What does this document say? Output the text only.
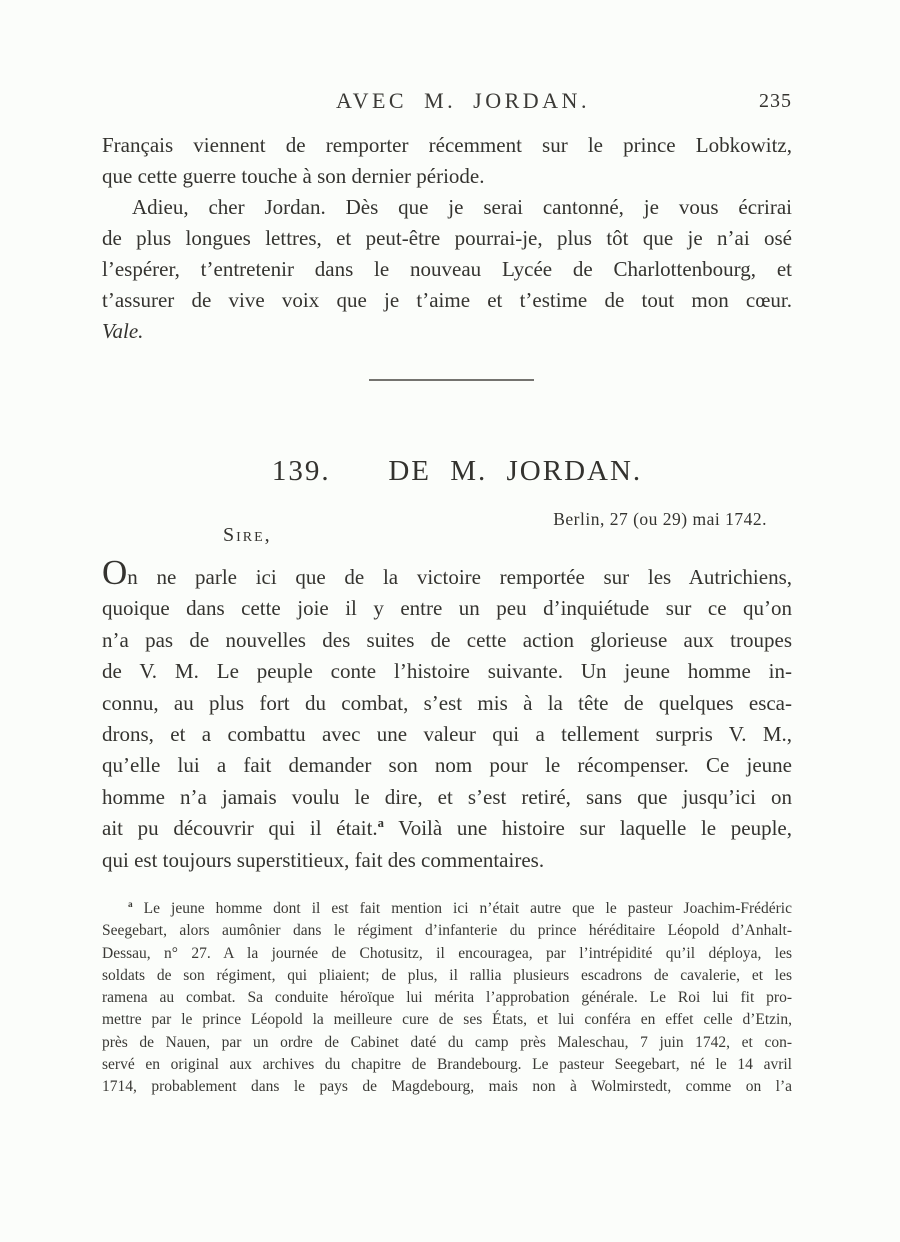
AVEC M. JORDAN.	235
Français viennent de remporter récemment sur le prince Lobkowitz,
que cette guerre touche à son dernier période.
Adieu, cher Jordan. Dès que je serai cantonné, je vous écrirai
de plus longues lettres, et peut-être pourrai-je, plus tôt que je n’ai osé
l’espérer, t’entretenir dans le nouveau Lycée de Charlottenbourg, et
t’assurer de vive voix que je t’aime et t’estime de tout mon cœur.
Vale.
139.   DE M. JORDAN.
Berlin, 27 (ou 29) mai 1742.
Sire,
On ne parle ici que de la victoire remportée sur les Autrichiens,
quoique dans cette joie il y entre un peu d’inquiétude sur ce qu’on
n’a pas de nouvelles des suites de cette action glorieuse aux troupes
de V. M. Le peuple conte l’histoire suivante. Un jeune homme in-
connu, au plus fort du combat, s’est mis à la tête de quelques esca-
drons, et a combattu avec une valeur qui a tellement surpris V. M.,
qu’elle lui a fait demander son nom pour le récompenser. Ce jeune
homme n’a jamais voulu le dire, et s’est retiré, sans que jusqu’ici on
ait pu découvrir qui il était.$^a$ Voilà une histoire sur laquelle le peuple,
qui est toujours superstitieux, fait des commentaires.
$^a$ Le jeune homme dont il est fait mention ici n’était autre que le pasteur Joachim-Frédéric
Seegebart, alors aumônier dans le régiment d’infanterie du prince héréditaire Léopold d’Anhalt-
Dessau, n° 27. A la journée de Chotusitz, il encouragea, par l’intrépidité qu’il déploya, les
soldats de son régiment, qui pliaient; de plus, il rallia plusieurs escadrons de cavalerie, et les
ramena au combat. Sa conduite héroïque lui mérita l’approbation générale. Le Roi lui fit pro-
mettre par le prince Léopold la meilleure cure de ses États, et lui conféra en effet celle d’Etzin,
près de Nauen, par un ordre de Cabinet daté du camp près Maleschau, 7 juin 1742, et con-
servé en original aux archives du chapitre de Brandebourg. Le pasteur Seegebart, né le 14 avril
1714, probablement dans le pays de Magdebourg, mais non à Wolmirstedt, comme on l’a
